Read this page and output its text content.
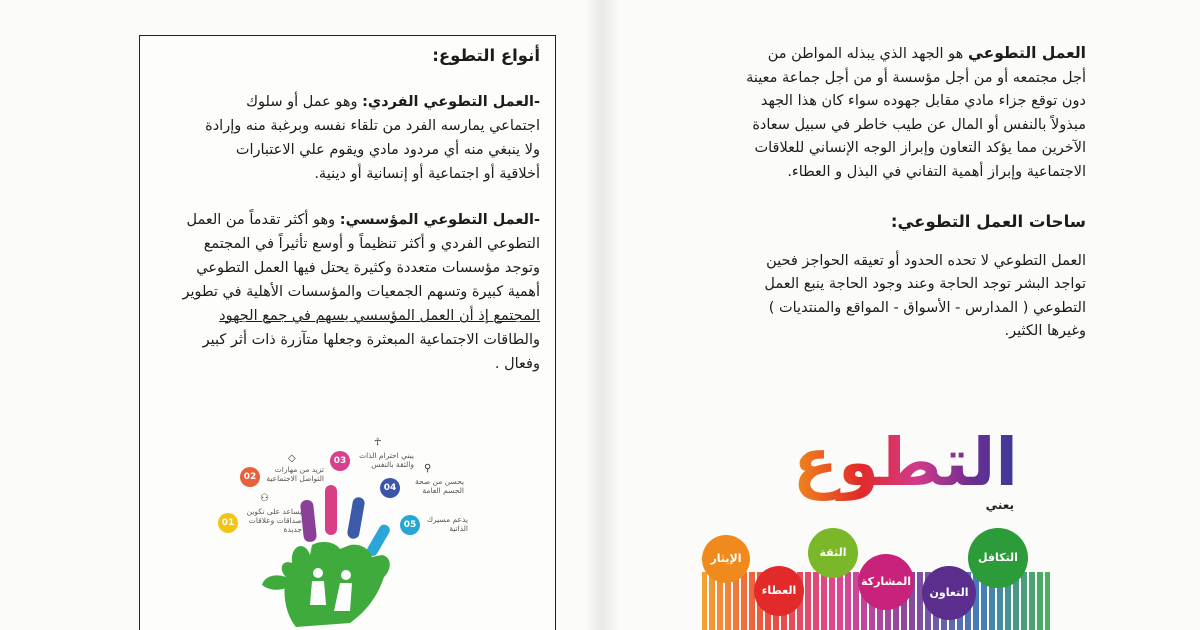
أنواع التطوع:

-العمل التطوعي الفردي: وهو عمل أو سلوك

اجتماعي يمارسه الفرد من تلقاء نفسه وبرغبة منه وإرادة

ولا ينبغي منه أي مردود مادي ويقوم علي الاعتبارات

أخلاقية أو اجتماعية أو إنسانية أو دينية.

-العمل التطوعي المؤسسي: وهو أكثر تقدماً من العمل

التطوعي الفردي و أكثر تنظيماً و أوسع تأثيراً في المجتمع

وتوجد مؤسسات متعددة وكثيرة يحتل فيها العمل التطوعي

أهمية كبيرة وتسهم الجمعيات والمؤسسات الأهلية في تطوير

المجتمع إذ أن العمل المؤسسي يسهم في جمع الجهود

والطاقات الاجتماعية المبعثرة وجعلها متآزرة ذات أثر كبير

وفعال .

01
يساعد على تكوين صداقات وعلاقات جديدة
⚇
02
تزيد من مهارات التواصل الاجتماعية
◇	03
يبني احترام الذات والثقة بالنفس
☥
04
يحسن من صحة الجسم العامة
⚲
05
يدعم مسيرك الذاتية

العمل التطوعي هو الجهد الذي يبذله المواطن من

أجل مجتمعه أو من أجل مؤسسة أو من أجل جماعة معينة

دون توقع جزاء مادي مقابل جهوده سواء كان هذا الجهد

مبذولاً بالنفس أو المال عن طيب خاطر في سبيل سعادة

الآخرين مما يؤكد التعاون وإبراز الوجه الإنساني للعلاقات

الاجتماعية وإبراز أهمية التفاني في البذل و العطاء.

ساحات العمل التطوعي:

العمل التطوعي لا تحده الحدود أو تعيقه الحواجز فحين

تواجد البشر توجد الحاجة وعند وجود الحاجة ينبع العمل

التطوعي ( المدارس - الأسواق - المواقع والمنتديات )

وغيرها الكثير.

التطوع
يعني
الإيثار
العطاء
الثقة
المشاركة
التكافل
التعاون
